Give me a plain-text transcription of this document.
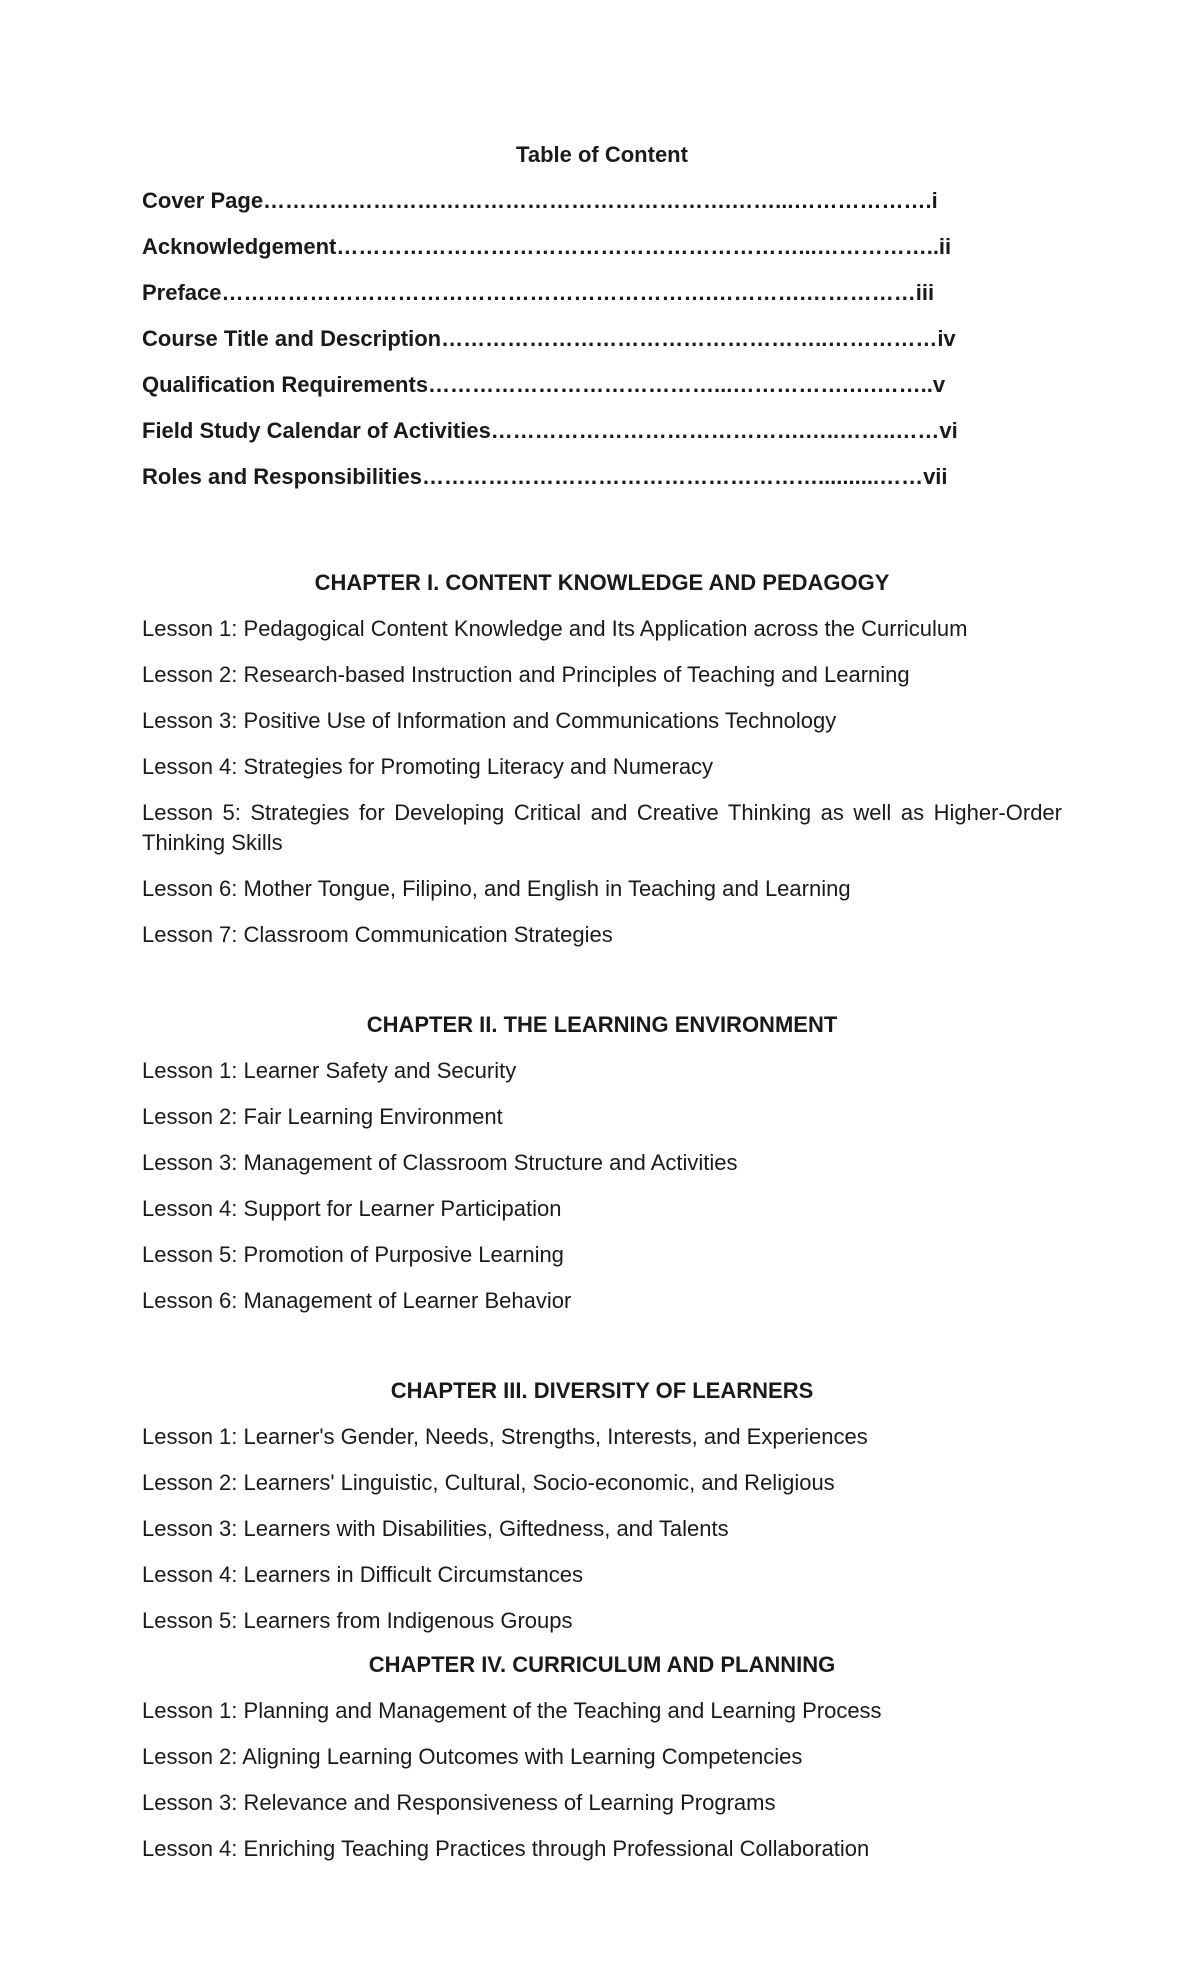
Table of Content
Cover Page……………………………………………………….……...……………….i
Acknowledgement………………………………………………………...……………..ii
Preface………………………………………………………….………….……………iii
Course Title and Description……………………………………………..……………iv
Qualification Requirements…………………………………...…………….….……..v
Field Study Calendar of Activities…………………………………….…..……..……vi
Roles and Responsibilities………………………………………………..........……vii
CHAPTER I. CONTENT KNOWLEDGE AND PEDAGOGY
Lesson 1: Pedagogical Content Knowledge and Its Application across the Curriculum
Lesson 2: Research-based Instruction and Principles of Teaching and Learning
Lesson 3: Positive Use of Information and Communications Technology
Lesson 4: Strategies for Promoting Literacy and Numeracy
Lesson 5: Strategies for Developing Critical and Creative Thinking as well as Higher-Order Thinking Skills
Lesson 6: Mother Tongue, Filipino, and English in Teaching and Learning
Lesson 7: Classroom Communication Strategies
CHAPTER II. THE LEARNING ENVIRONMENT
Lesson 1: Learner Safety and Security
Lesson 2: Fair Learning Environment
Lesson 3: Management of Classroom Structure and Activities
Lesson 4: Support for Learner Participation
Lesson 5: Promotion of Purposive Learning
Lesson 6: Management of Learner Behavior
CHAPTER III. DIVERSITY OF LEARNERS
Lesson 1: Learner's Gender, Needs, Strengths, Interests, and Experiences
Lesson 2: Learners' Linguistic, Cultural, Socio-economic, and Religious
Lesson 3: Learners with Disabilities, Giftedness, and Talents
Lesson 4: Learners in Difficult Circumstances
Lesson 5: Learners from Indigenous Groups
CHAPTER IV. CURRICULUM AND PLANNING
Lesson 1: Planning and Management of the Teaching and Learning Process
Lesson 2: Aligning Learning Outcomes with Learning Competencies
Lesson 3: Relevance and Responsiveness of Learning Programs
Lesson 4: Enriching Teaching Practices through Professional Collaboration
